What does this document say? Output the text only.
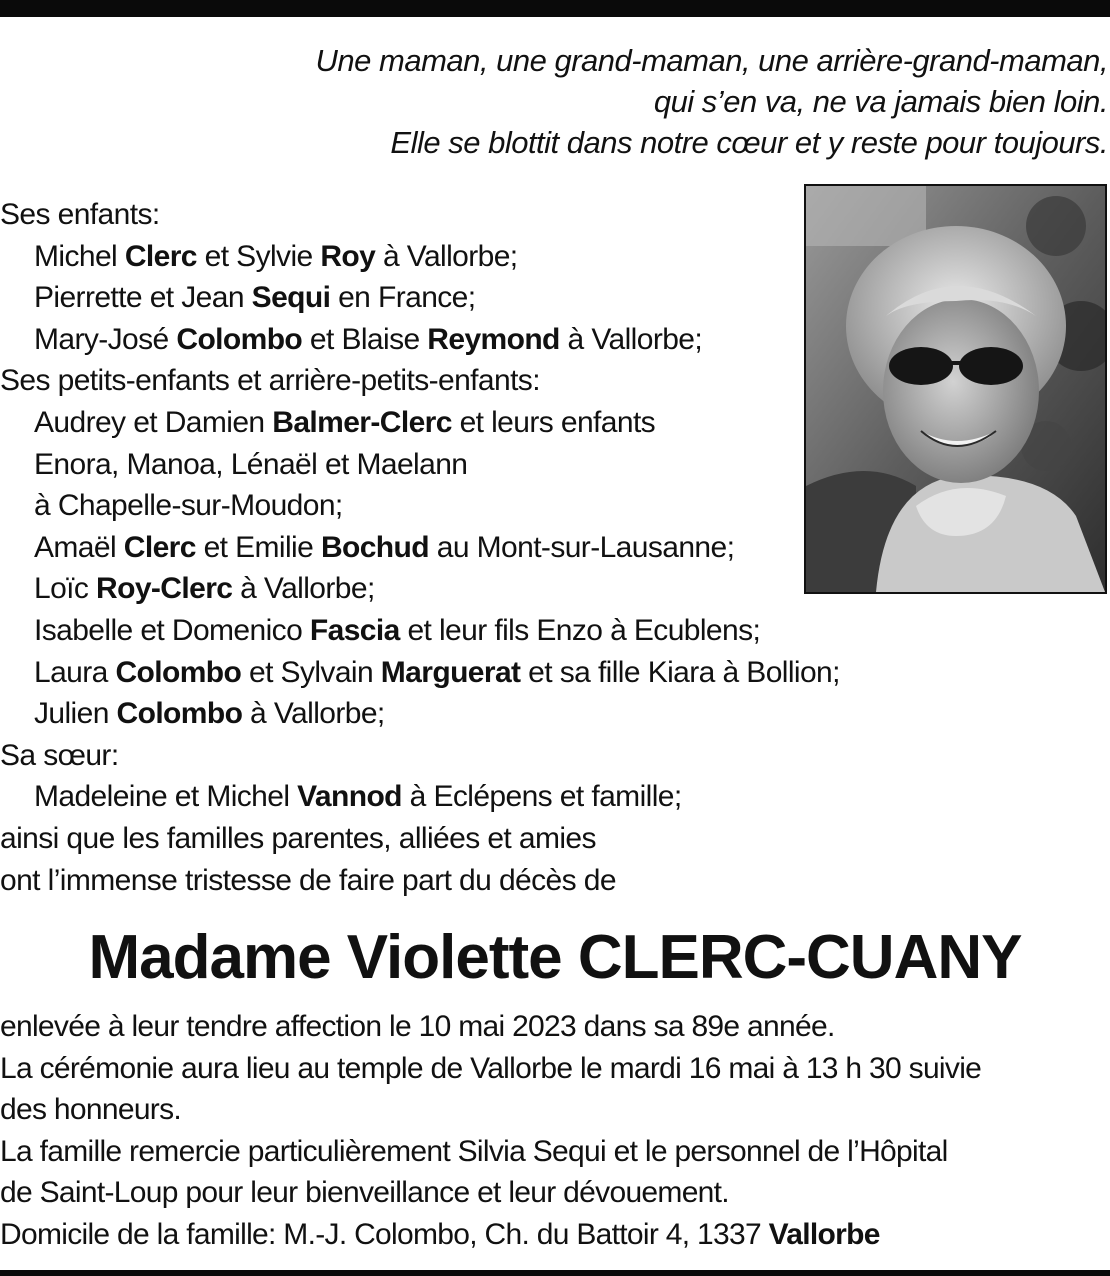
Une maman, une grand-maman, une arrière-grand-maman,
qui s’en va, ne va jamais bien loin.
Elle se blottit dans notre cœur et y reste pour toujours.
Ses enfants:
Michel Clerc et Sylvie Roy à Vallorbe;
Pierrette et Jean Sequi en France;
Mary-José Colombo et Blaise Reymond à Vallorbe;
Ses petits-enfants et arrière-petits-enfants:
Audrey et Damien Balmer-Clerc et leurs enfants
Enora, Manoa, Lénaël et Maelann
à Chapelle-sur-Moudon;
Amaël Clerc et Emilie Bochud au Mont-sur-Lausanne;
Loïc Roy-Clerc à Vallorbe;
Isabelle et Domenico Fascia et leur fils Enzo à Ecublens;
Laura Colombo et Sylvain Marguerat et sa fille Kiara à Bollion;
Julien Colombo à Vallorbe;
Sa sœur:
Madeleine et Michel Vannod à Eclépens et famille;
ainsi que les familles parentes, alliées et amies
ont l’immense tristesse de faire part du décès de
Madame Violette CLERC-CUANY
enlevée à leur tendre affection le 10 mai 2023 dans sa 89e année.
La cérémonie aura lieu au temple de Vallorbe le mardi 16 mai à 13 h 30 suivie
des honneurs.
La famille remercie particulièrement Silvia Sequi et le personnel de l’Hôpital
de Saint-Loup pour leur bienveillance et leur dévouement.
Domicile de la famille: M.-J. Colombo, Ch. du Battoir 4, 1337 Vallorbe
